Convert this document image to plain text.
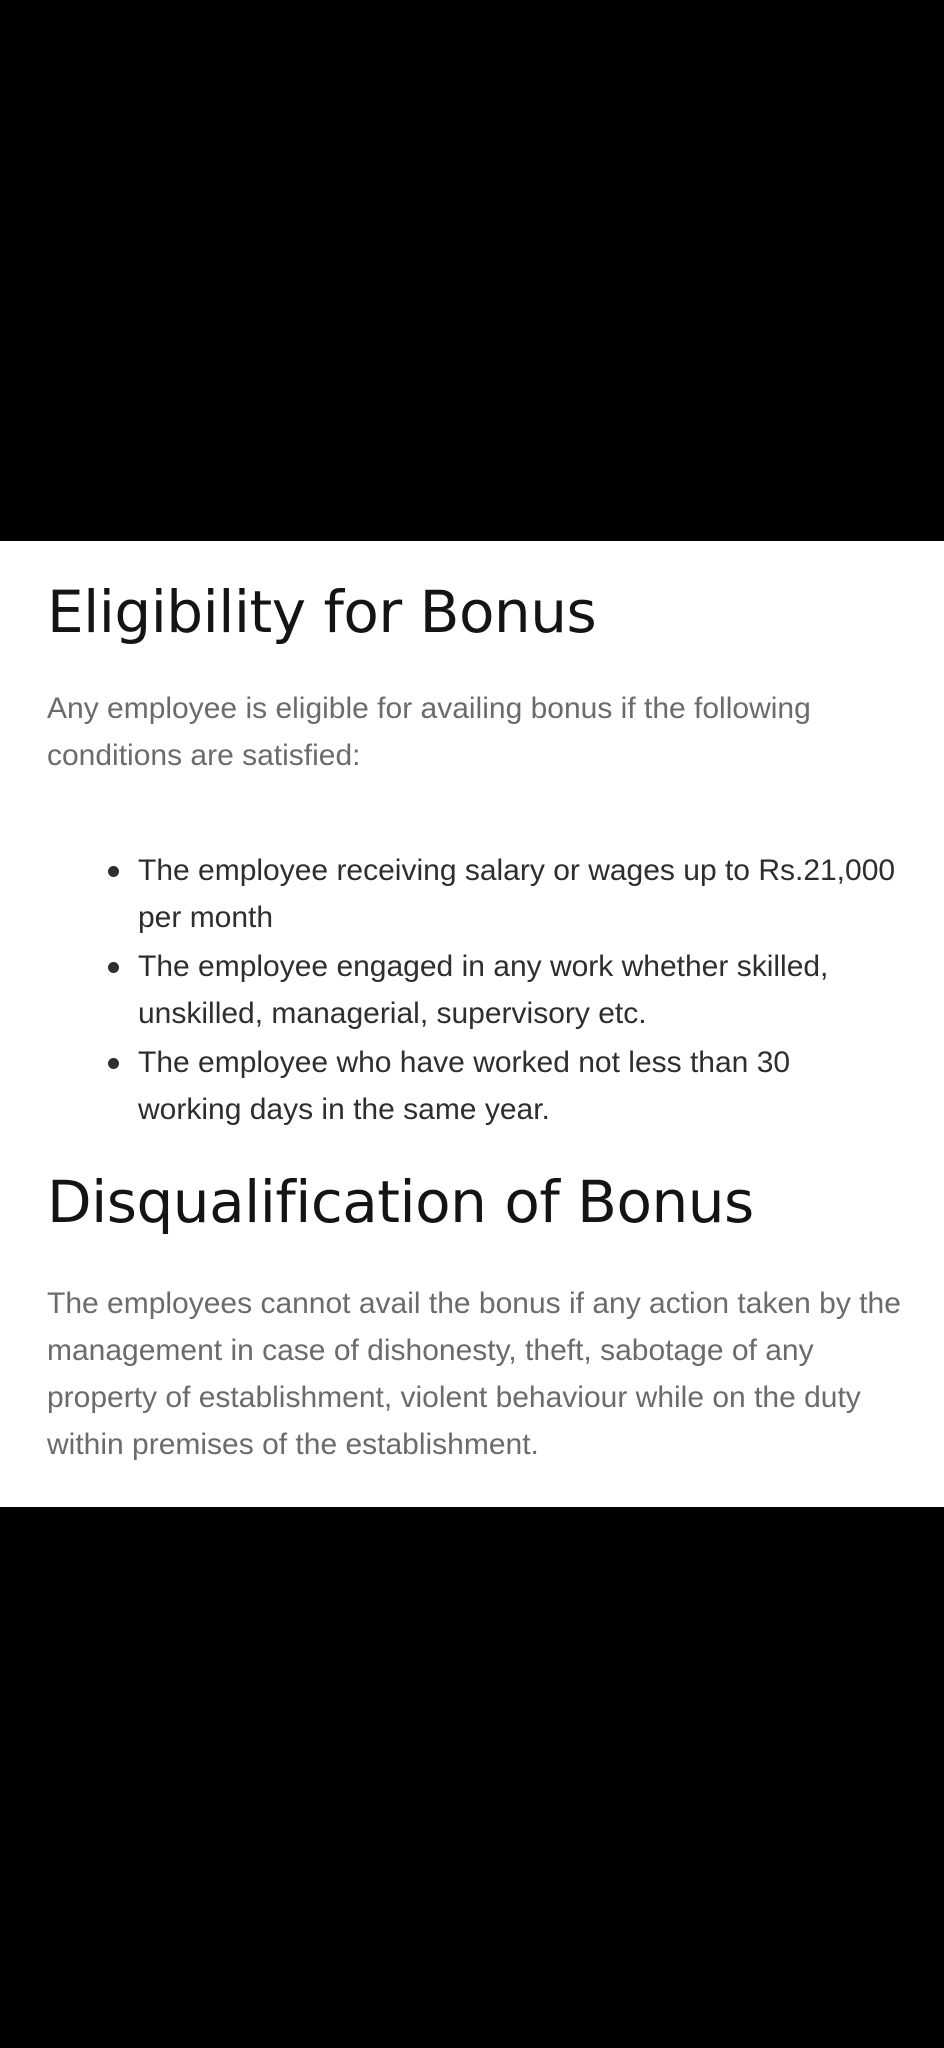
Eligibility for Bonus

Any employee is eligible for availing bonus if the following conditions are satisfied:

The employee receiving salary or wages up to Rs.21,000 per month
The employee engaged in any work whether skilled, unskilled, managerial, supervisory etc.
The employee who have worked not less than 30 working days in the same year.
Disqualification of Bonus

The employees cannot avail the bonus if any action taken by the management in case of dishonesty, theft, sabotage of any property of establishment, violent behaviour while on the duty within premises of the establishment.
